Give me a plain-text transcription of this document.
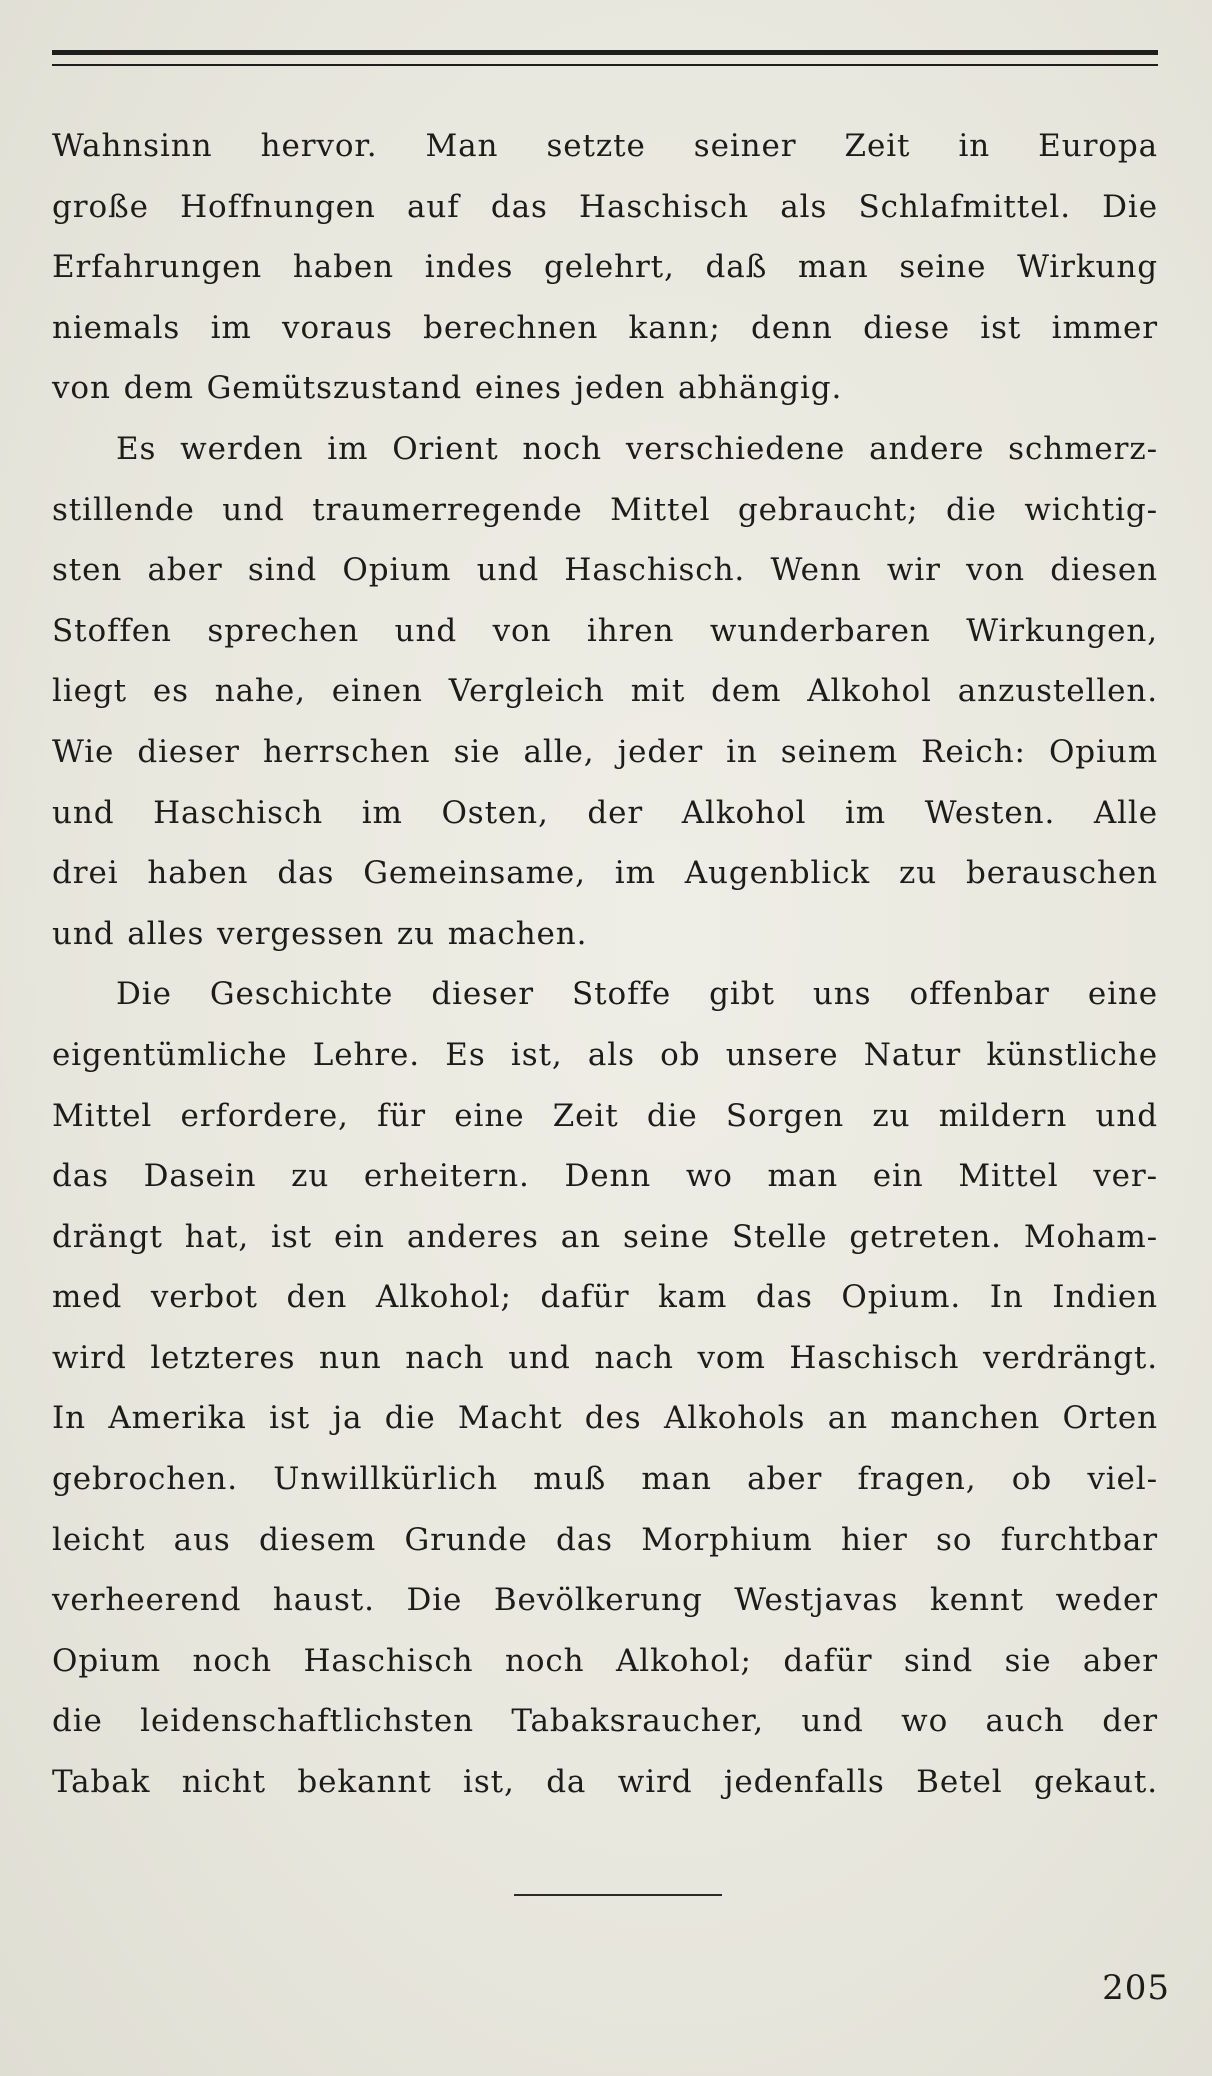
Wahnsinn hervor. Man setzte seiner Zeit in Europa
große Hoffnungen auf das Haschisch als Schlafmittel. Die
Erfahrungen haben indes gelehrt, daß man seine Wirkung
niemals im voraus berechnen kann; denn diese ist immer
von dem Gemütszustand eines jeden abhängig.
Es werden im Orient noch verschiedene andere schmerz-
stillende und traumerregende Mittel gebraucht; die wichtig-
sten aber sind Opium und Haschisch. Wenn wir von diesen
Stoffen sprechen und von ihren wunderbaren Wirkungen,
liegt es nahe, einen Vergleich mit dem Alkohol anzustellen.
Wie dieser herrschen sie alle, jeder in seinem Reich: Opium
und Haschisch im Osten, der Alkohol im Westen. Alle
drei haben das Gemeinsame, im Augenblick zu berauschen
und alles vergessen zu machen.
Die Geschichte dieser Stoffe gibt uns offenbar eine
eigentümliche Lehre. Es ist, als ob unsere Natur künstliche
Mittel erfordere, für eine Zeit die Sorgen zu mildern und
das Dasein zu erheitern. Denn wo man ein Mittel ver-
drängt hat, ist ein anderes an seine Stelle getreten. Moham-
med verbot den Alkohol; dafür kam das Opium. In Indien
wird letzteres nun nach und nach vom Haschisch verdrängt.
In Amerika ist ja die Macht des Alkohols an manchen Orten
gebrochen. Unwillkürlich muß man aber fragen, ob viel-
leicht aus diesem Grunde das Morphium hier so furchtbar
verheerend haust. Die Bevölkerung Westjavas kennt weder
Opium noch Haschisch noch Alkohol; dafür sind sie aber
die leidenschaftlichsten Tabaksraucher, und wo auch der
Tabak nicht bekannt ist, da wird jedenfalls Betel gekaut.
205
